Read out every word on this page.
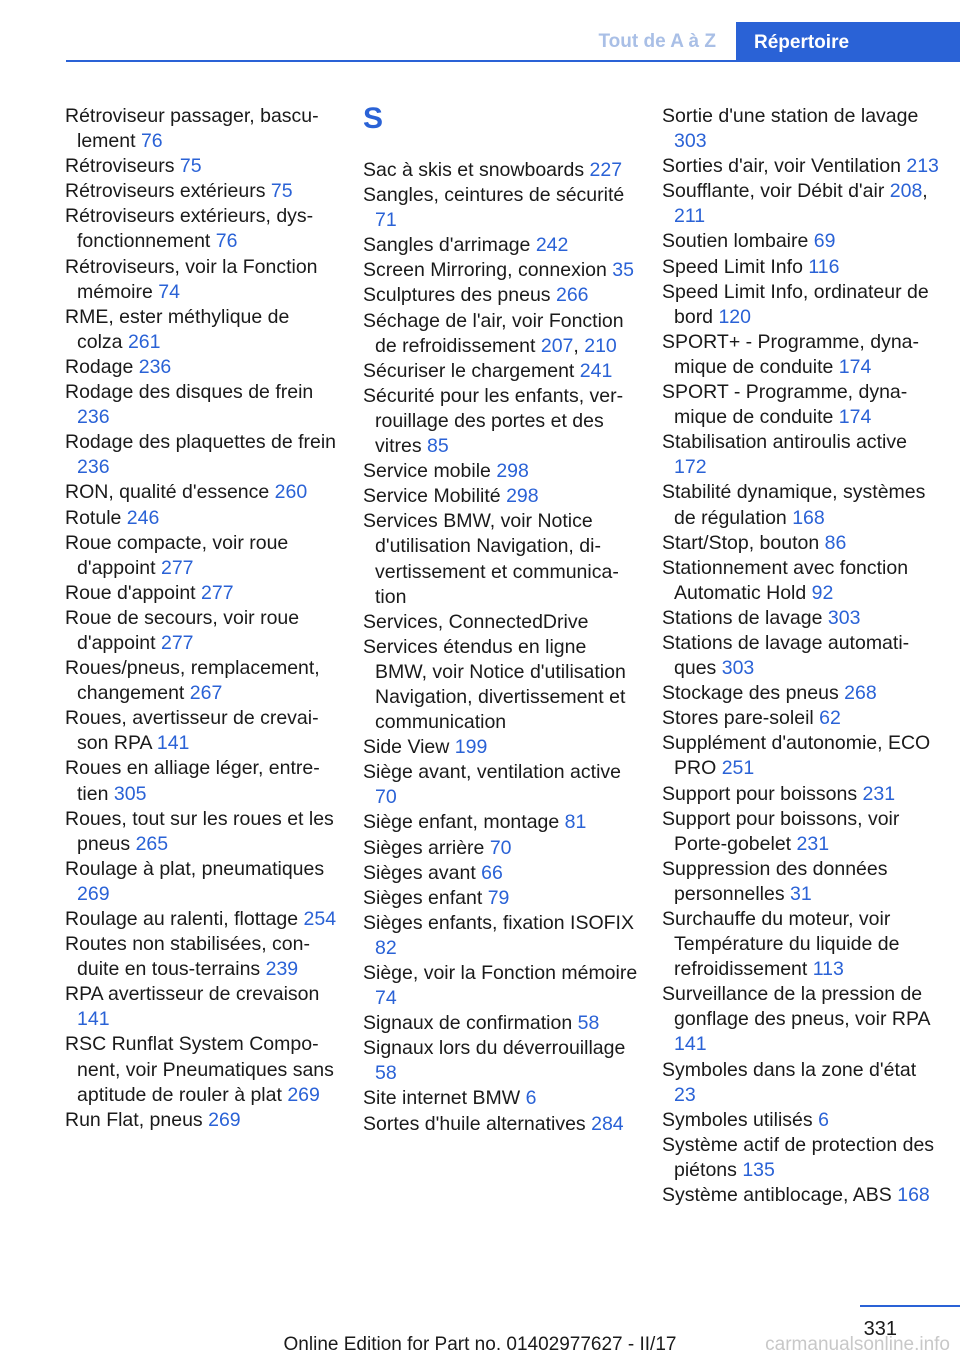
Tout de A à Z	Répertoire

Rétroviseur passager, basculement 76

Rétroviseurs 75

Rétroviseurs extérieurs 75

Rétroviseurs extérieurs, dysfonctionnement 76

Rétroviseurs, voir la Fonction mémoire 74

RME, ester méthylique de colza 261

Rodage 236

Rodage des disques de frein 236

Rodage des plaquettes de frein 236

RON, qualité d'essence 260

Rotule 246

Roue compacte, voir roue d'appoint 277

Roue d'appoint 277

Roue de secours, voir roue d'appoint 277

Roues/pneus, remplacement, changement 267

Roues, avertisseur de crevaison RPA 141

Roues en alliage léger, entretien 305

Roues, tout sur les roues et les pneus 265

Roulage à plat, pneumatiques 269

Roulage au ralenti, flottage 254

Routes non stabilisées, conduite en tous-terrains 239

RPA avertisseur de crevaison 141

RSC Runflat System Component, voir Pneumatiques sans aptitude de rouler à plat 269

Run Flat, pneus 269

S

Sac à skis et snowboards 227

Sangles, ceintures de sécurité 71

Sangles d'arrimage 242

Screen Mirroring, connexion 35

Sculptures des pneus 266

Séchage de l'air, voir Fonction de refroidissement 207, 210

Sécuriser le chargement 241

Sécurité pour les enfants, verrouillage des portes et des vitres 85

Service mobile 298

Service Mobilité 298

Services BMW, voir Notice d'utilisation Navigation, divertissement et communication

Services, ConnectedDrive

Services étendus en ligne BMW, voir Notice d'utilisation Navigation, divertissement et communication

Side View 199

Siège avant, ventilation active 70

Siège enfant, montage 81

Sièges arrière 70

Sièges avant 66

Sièges enfant 79

Sièges enfants, fixation ISOFIX 82

Siège, voir la Fonction mémoire 74

Signaux de confirmation 58

Signaux lors du déverrouillage 58

Site internet BMW 6

Sortes d'huile alternatives 284

Sortie d'une station de lavage 303

Sorties d'air, voir Ventilation 213

Soufflante, voir Débit d'air 208, 211

Soutien lombaire 69

Speed Limit Info 116

Speed Limit Info, ordinateur de bord 120

SPORT+ - Programme, dynamique de conduite 174

SPORT - Programme, dynamique de conduite 174

Stabilisation antiroulis active 172

Stabilité dynamique, systèmes de régulation 168

Start/Stop, bouton 86

Stationnement avec fonction Automatic Hold 92

Stations de lavage 303

Stations de lavage automatiques 303

Stockage des pneus 268

Stores pare-soleil 62

Supplément d'autonomie, ECO PRO 251

Support pour boissons 231

Support pour boissons, voir Porte-gobelet 231

Suppression des données personnelles 31

Surchauffe du moteur, voir Température du liquide de refroidissement 113

Surveillance de la pression de gonflage des pneus, voir RPA 141

Symboles dans la zone d'état 23

Symboles utilisés 6

Système actif de protection des piétons 135

Système antiblocage, ABS 168

331
Online Edition for Part no. 01402977627 - II/17	carmanualsonline.info
